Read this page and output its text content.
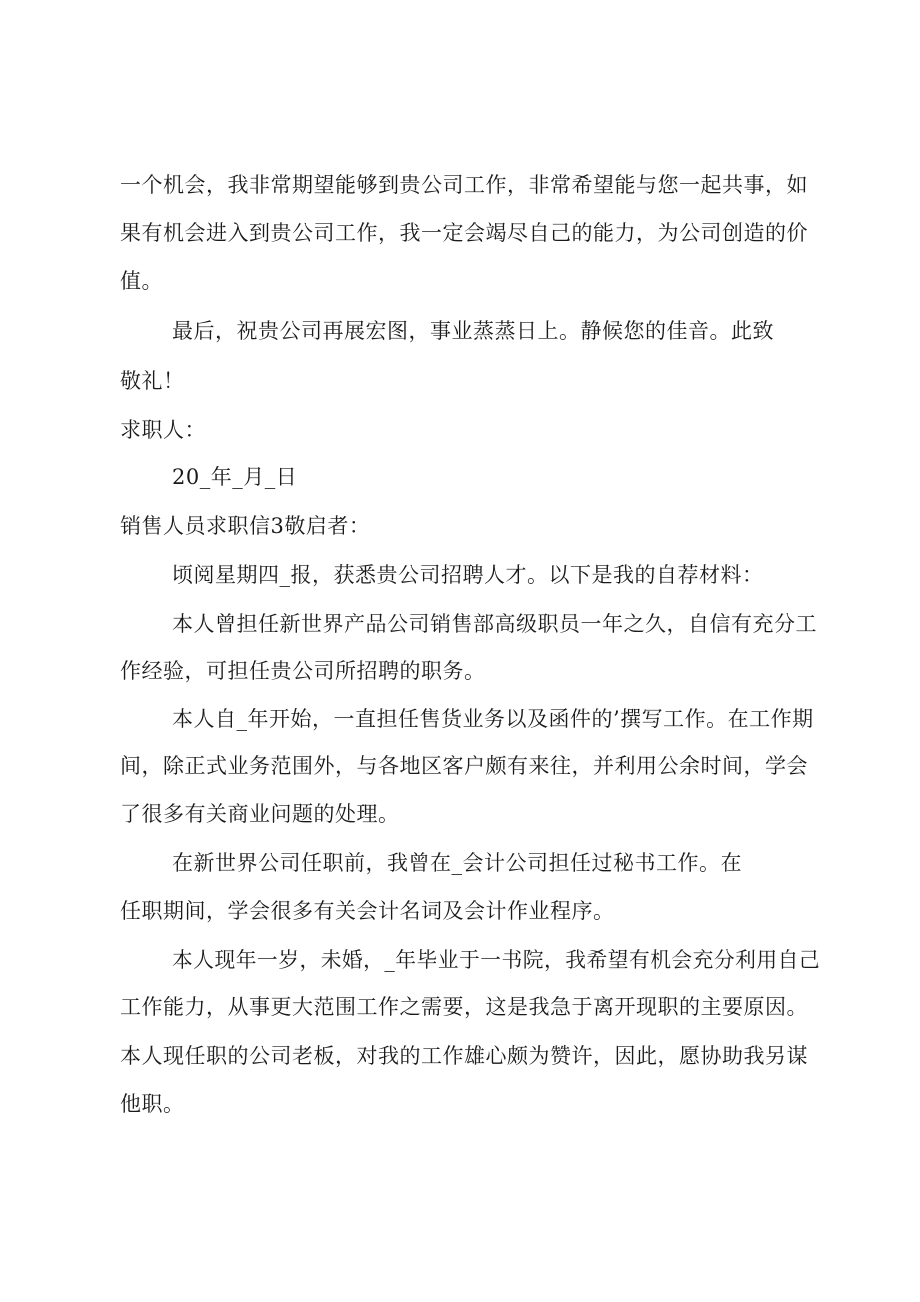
一个机会，我非常期望能够到贵公司工作，非常希望能与您一起共事，如
果有机会进入到贵公司工作，我一定会竭尽自己的能力，为公司创造的价
值。
最后，祝贵公司再展宏图，事业蒸蒸日上。静候您的佳音。此致
敬礼！
求职人：
20_年_月_日
销售人员求职信3敬启者：
顷阅星期四_报，获悉贵公司招聘人才。以下是我的自荐材料：
本人曾担任新世界产品公司销售部高级职员一年之久，自信有充分工
作经验，可担任贵公司所招聘的职务。
本人自_年开始，一直担任售货业务以及函件的’撰写工作。在工作期
间，除正式业务范围外，与各地区客户颇有来往，并利用公余时间，学会
了很多有关商业问题的处理。
在新世界公司任职前，我曾在_会计公司担任过秘书工作。在
任职期间，学会很多有关会计名词及会计作业程序。
本人现年一岁，未婚，_年毕业于一书院，我希望有机会充分利用自己
工作能力，从事更大范围工作之需要，这是我急于离开现职的主要原因。
本人现任职的公司老板，对我的工作雄心颇为赞许，因此，愿协助我另谋
他职。
